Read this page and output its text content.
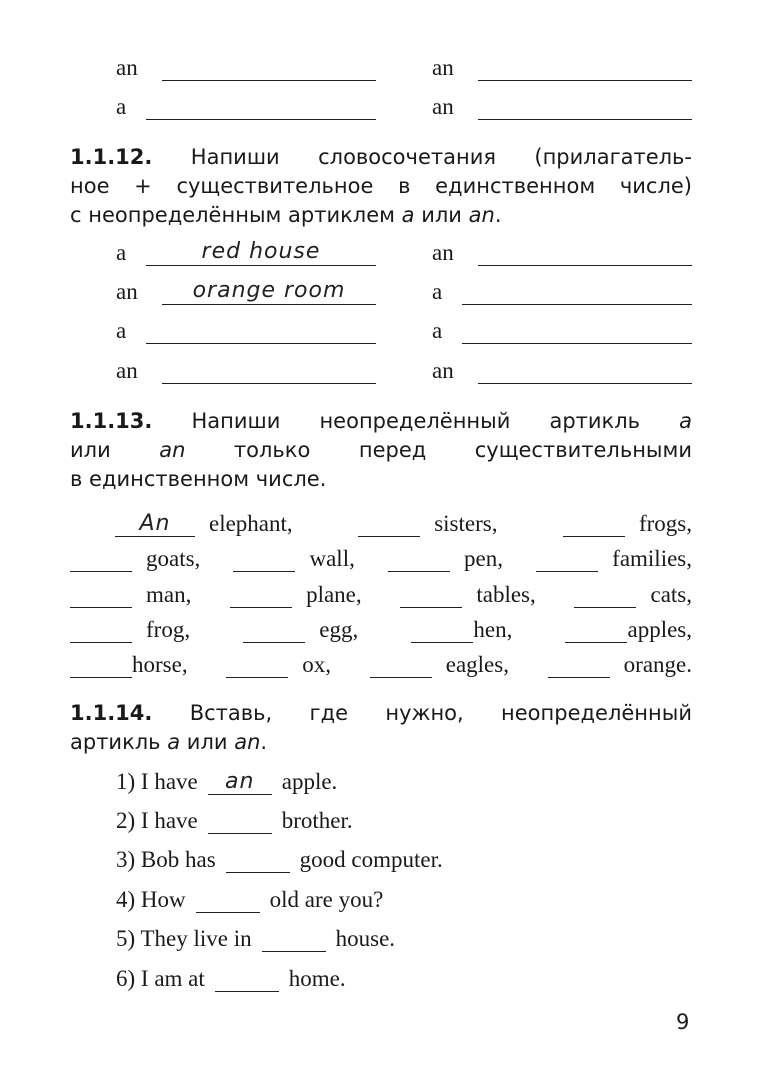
an	an
a	an
1.1.12. Напиши словосочетания (прилагатель-
ное + существительное в единственном числе)
с неопределённым артиклем a или an.
a	red house	an
an	orange room	a
a	a
an	an
1.1.13. Напиши неопределённый артикль a
или an только перед существительными
в единственном числе.
An	elephant,	sisters,	frogs,
goats,	wall,	pen,	families,
man,	plane,	tables,	cats,
frog,	egg,	hen,	apples,
horse,	ox,	eagles,	orange.
1.1.14. Вставь, где нужно, неопределённый
артикль a или an.
1) I have	an	apple.
2) I have	brother.
3) Bob has	good computer.
4) How	old are you?
5) They live in	house.
6) I am at	home.
9
